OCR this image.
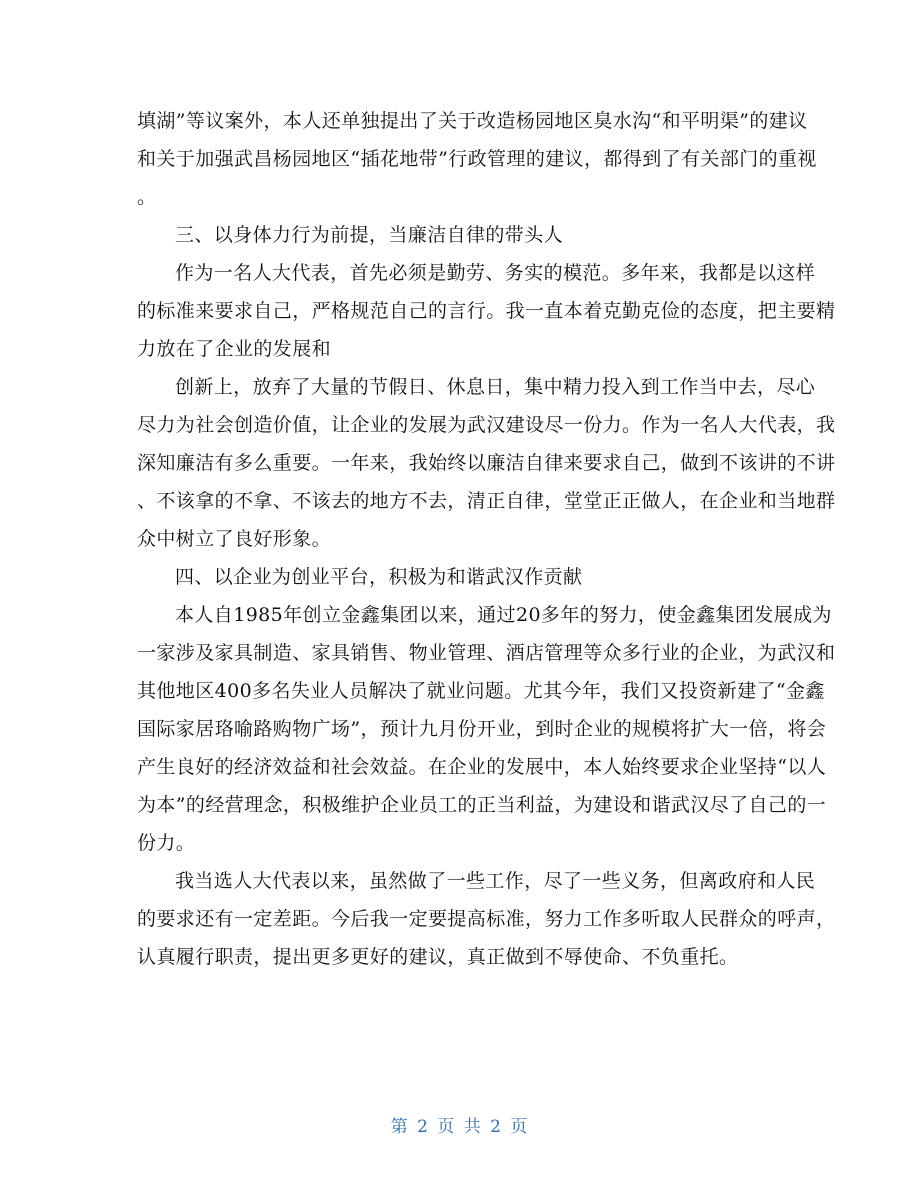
填湖”等议案外，本人还单独提出了关于改造杨园地区臭水沟“和平明渠”的建议
和关于加强武昌杨园地区“插花地带”行政管理的建议，都得到了有关部门的重视
。
三、以身体力行为前提，当廉洁自律的带头人
作为一名人大代表，首先必须是勤劳、务实的模范。多年来，我都是以这样
的标准来要求自己，严格规范自己的言行。我一直本着克勤克俭的态度，把主要精
力放在了企业的发展和
创新上，放弃了大量的节假日、休息日，集中精力投入到工作当中去，尽心
尽力为社会创造价值，让企业的发展为武汉建设尽一份力。作为一名人大代表，我
深知廉洁有多么重要。一年来，我始终以廉洁自律来要求自己，做到不该讲的不讲
、不该拿的不拿、不该去的地方不去，清正自律，堂堂正正做人，在企业和当地群
众中树立了良好形象。
四、以企业为创业平台，积极为和谐武汉作贡献
本人自1985年创立金鑫集团以来，通过20多年的努力，使金鑫集团发展成为
一家涉及家具制造、家具销售、物业管理、酒店管理等众多行业的企业，为武汉和
其他地区400多名失业人员解决了就业问题。尤其今年，我们又投资新建了“金鑫
国际家居珞喻路购物广场”，预计九月份开业，到时企业的规模将扩大一倍，将会
产生良好的经济效益和社会效益。在企业的发展中，本人始终要求企业坚持“以人
为本”的经营理念，积极维护企业员工的正当利益，为建设和谐武汉尽了自己的一
份力。
我当选人大代表以来，虽然做了一些工作，尽了一些义务，但离政府和人民
的要求还有一定差距。今后我一定要提高标准，努力工作多听取人民群众的呼声，
认真履行职责，提出更多更好的建议，真正做到不辱使命、不负重托。
第 2 页 共 2 页
